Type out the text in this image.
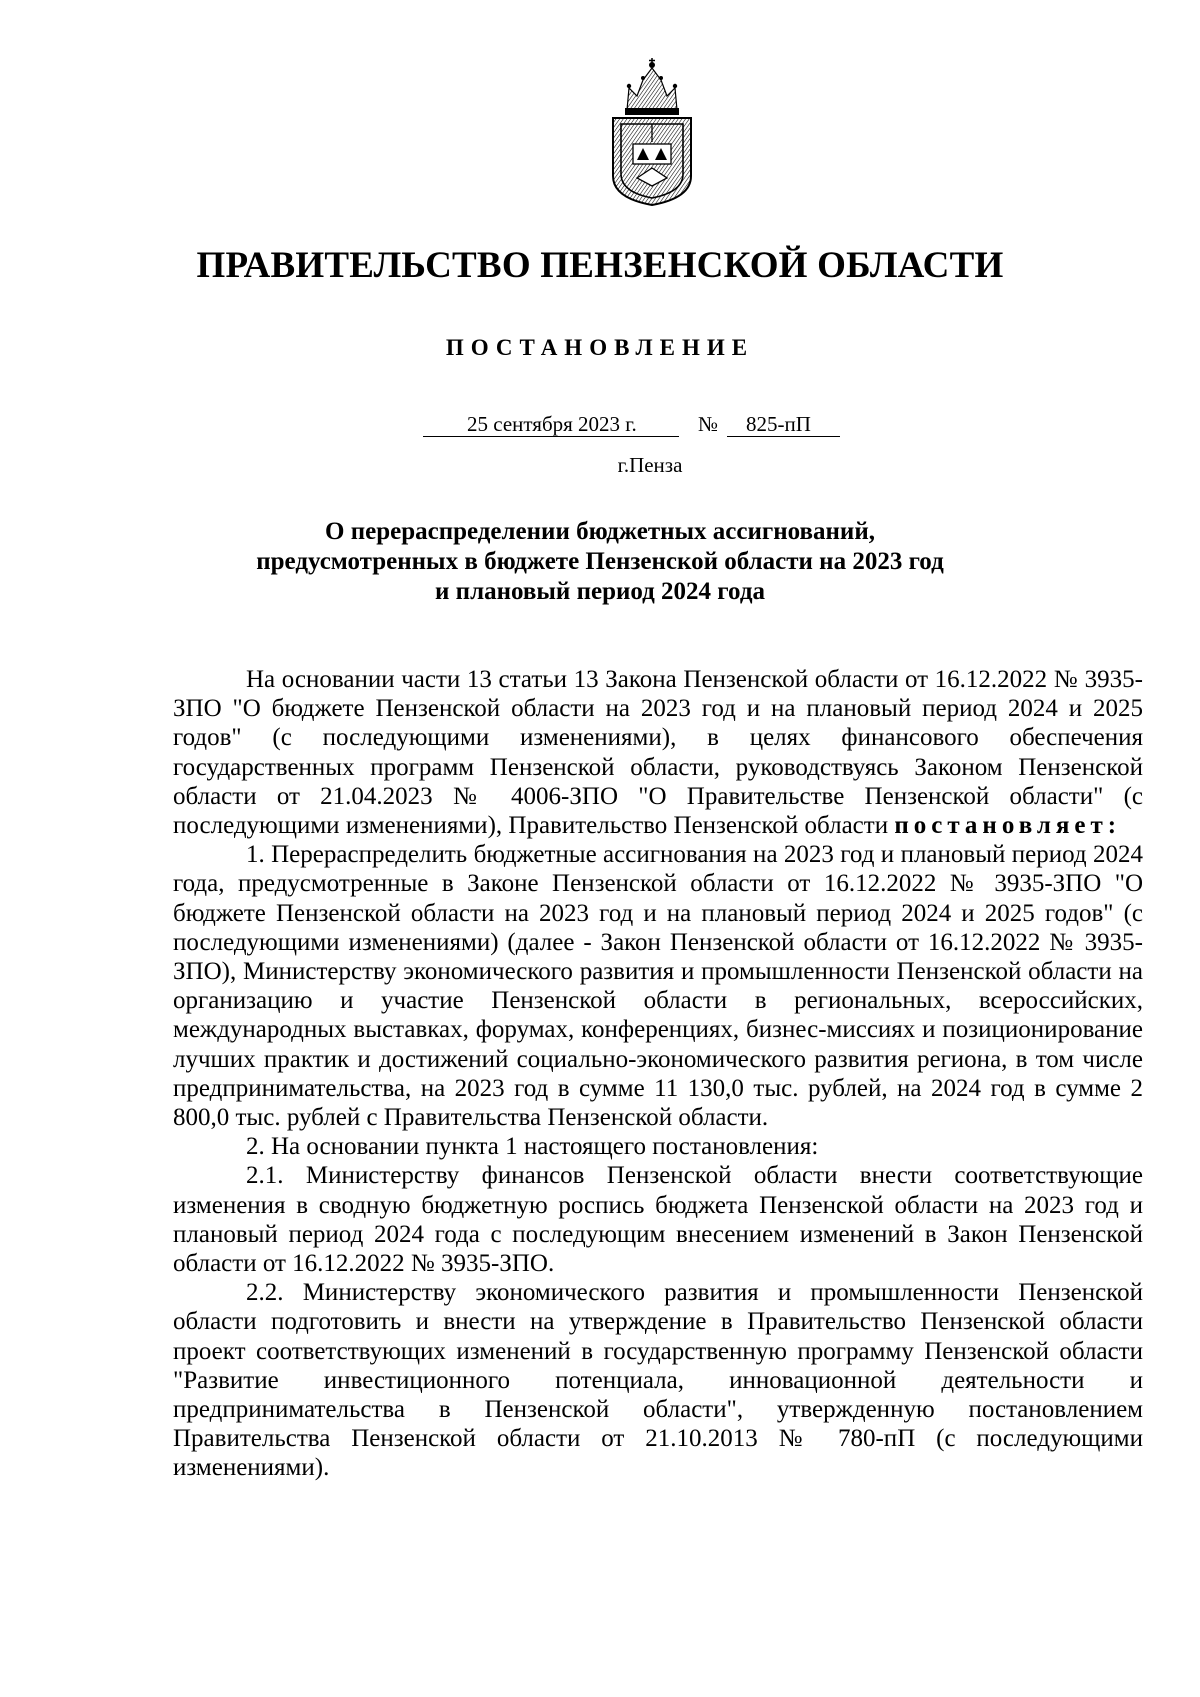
ПРАВИТЕЛЬСТВО ПЕНЗЕНСКОЙ ОБЛАСТИ
ПОСТАНОВЛЕНИЕ
25 сентября 2023 г.	№ 825-пП
г.Пенза
О перераспределении бюджетных ассигнований,
предусмотренных в бюджете Пензенской области на 2023 год
и плановый период 2024 года

На основании части 13 статьи 13 Закона Пензенской области от 16.12.2022 № 3935-ЗПО "О бюджете Пензенской области на 2023 год и на плановый период 2024 и 2025 годов" (с последующими изменениями), в целях финансового обеспечения государственных программ Пензенской области, руководствуясь Законом Пензенской области от 21.04.2023 № 4006-ЗПО "О Правительстве Пензенской области" (с последующими изменениями), Правительство Пензенской области постановляет:

1. Перераспределить бюджетные ассигнования на 2023 год и плановый период 2024 года, предусмотренные в Законе Пензенской области от 16.12.2022 № 3935-ЗПО "О бюджете Пензенской области на 2023 год и на плановый период 2024 и 2025 годов" (с последующими изменениями) (далее - Закон Пензенской области от 16.12.2022 № 3935-ЗПО), Министерству экономического развития и промышленности Пензенской области на организацию и участие Пензенской области в региональных, всероссийских, международных выставках, форумах, конференциях, бизнес-миссиях и позиционирование лучших практик и достижений социально-экономического развития региона, в том числе предпринимательства, на 2023 год в сумме 11 130,0 тыс. рублей, на 2024 год в сумме 2 800,0 тыс. рублей с Правительства Пензенской области.

2. На основании пункта 1 настоящего постановления:

2.1. Министерству финансов Пензенской области внести соответствующие изменения в сводную бюджетную роспись бюджета Пензенской области на 2023 год и плановый период 2024 года с последующим внесением изменений в Закон Пензенской области от 16.12.2022 № 3935-ЗПО.

2.2. Министерству экономического развития и промышленности Пензенской области подготовить и внести на утверждение в Правительство Пензенской области проект соответствующих изменений в государственную программу Пензенской области "Развитие инвестиционного потенциала, инновационной деятельности и предпринимательства в Пензенской области", утвержденную постановлением Правительства Пензенской области от 21.10.2013 № 780-пП (с последующими изменениями).
